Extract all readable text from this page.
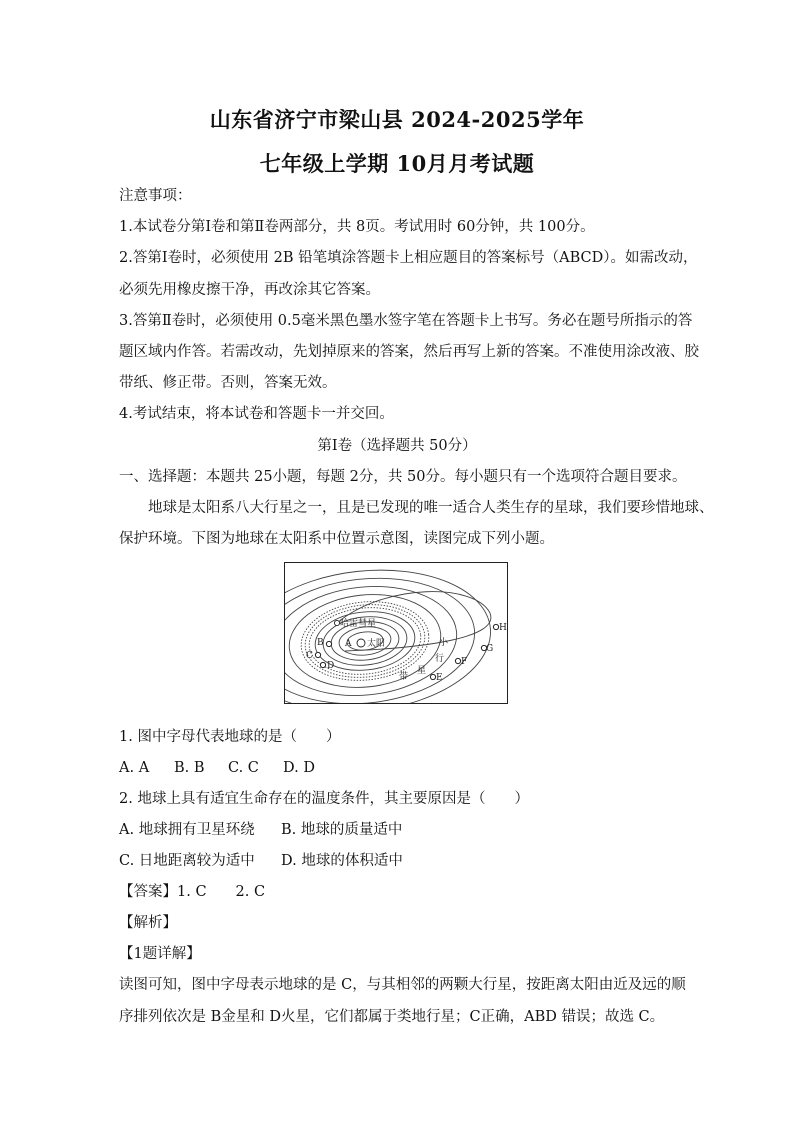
山东省济宁市梁山县 2024-2025学年
七年级上学期 10月月考试题
注意事项：
1.本试卷分第Ⅰ卷和第Ⅱ卷两部分，共 8页。考试用时 60分钟，共 100分。
2.答第Ⅰ卷时，必须使用 2B 铅笔填涂答题卡上相应题目的答案标号（ABCD）。如需改动，
必须先用橡皮擦干净，再改涂其它答案。
3.答第Ⅱ卷时，必须使用 0.5毫米黑色墨水签字笔在答题卡上书写。务必在题号所指示的答
题区域内作答。若需改动，先划掉原来的答案，然后再写上新的答案。不准使用涂改液、胶
带纸、修正带。否则，答案无效。
4.考试结束，将本试卷和答题卡一并交回。
第Ⅰ卷（选择题共 50分）
一、选择题：本题共 25小题，每题 2分，共 50分。每小题只有一个选项符合题目要求。
地球是太阳系八大行星之一，且是已发现的唯一适合人类生存的星球，我们要珍惜地球、
保护环境。下图为地球在太阳系中位置示意图，读图完成下列小题。
哈雷彗星
A 太阳
B
C
D
E
F
G
H
小
行
星
带
1. 图中字母代表地球的是（　　）
A. A B. B C. C D. D
2. 地球上具有适宜生命存在的温度条件，其主要原因是（　　）
A. 地球拥有卫星环绕 B. 地球的质量适中
C. 日地距离较为适中 D. 地球的体积适中
【答案】1. C　　2. C
【解析】
【1题详解】
读图可知，图中字母表示地球的是 C，与其相邻的两颗大行星，按距离太阳由近及远的顺
序排列依次是 B金星和 D火星，它们都属于类地行星；C正确，ABD 错误；故选 C。
